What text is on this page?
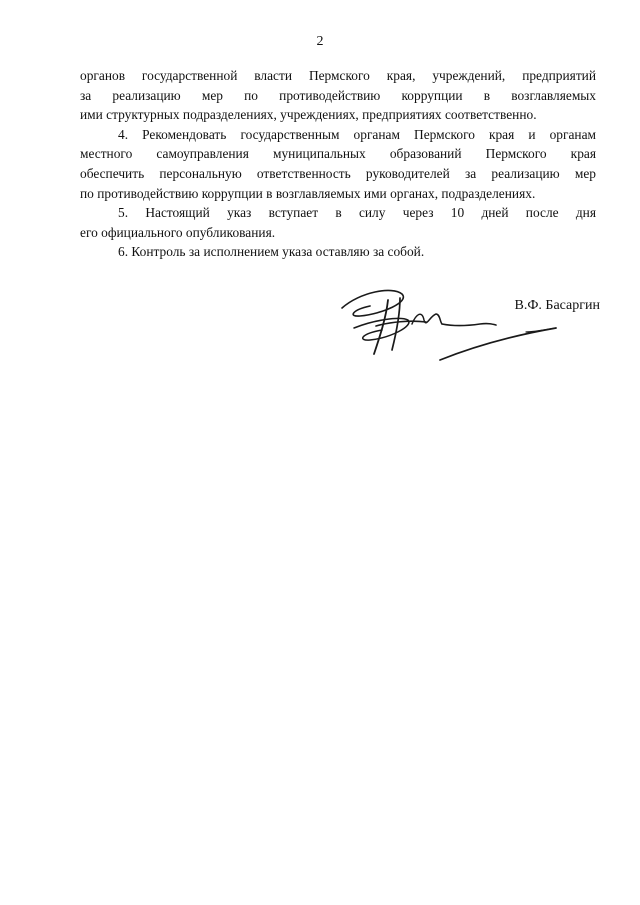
2
органов государственной власти Пермского края, учреждений, предприятий
за реализацию мер по противодействию коррупции в возглавляемых
ими структурных подразделениях, учреждениях, предприятиях соответственно.
4. Рекомендовать государственным органам Пермского края и органам
местного самоуправления муниципальных образований Пермского края
обеспечить персональную ответственность руководителей за реализацию мер
по противодействию коррупции в возглавляемых ими органах, подразделениях.
5. Настоящий указ вступает в силу через 10 дней после дня
его официального опубликования.
6. Контроль за исполнением указа оставляю за собой.
В.Ф. Басаргин
